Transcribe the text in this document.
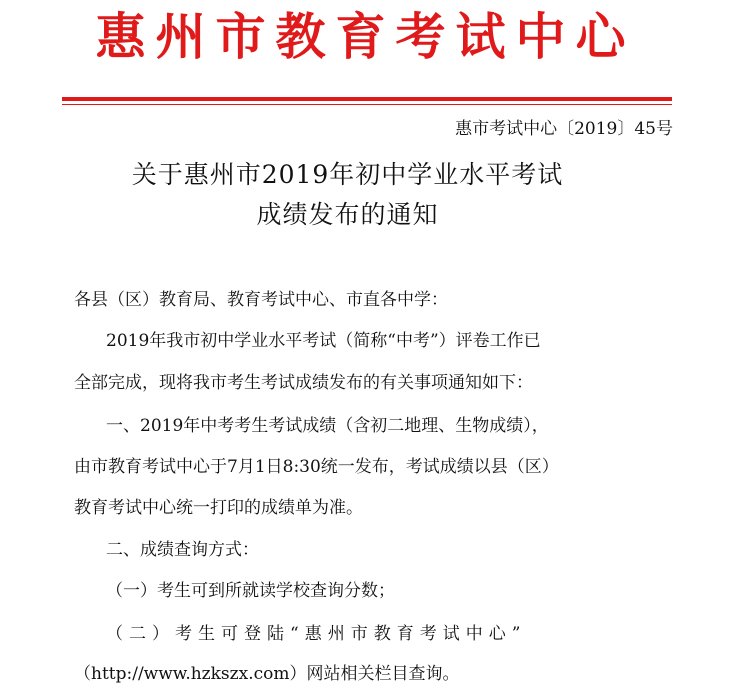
惠州市教育考试中心
惠市考试中心〔2019〕45号
关于惠州市2019年初中学业水平考试
成绩发布的通知
各县（区）教育局、教育考试中心、市直各中学：
2019年我市初中学业水平考试（简称“中考”）评卷工作已
全部完成，现将我市考生考试成绩发布的有关事项通知如下：
一、2019年中考考生考试成绩（含初二地理、生物成绩），
由市教育考试中心于7月1日8:30统一发布，考试成绩以县（区）
教育考试中心统一打印的成绩单为准。
二、成绩查询方式：
（一）考生可到所就读学校查询分数；
（二）考生可登陆“惠州市教育考试中心”
（http://www.hzkszx.com）网站相关栏目查询。
